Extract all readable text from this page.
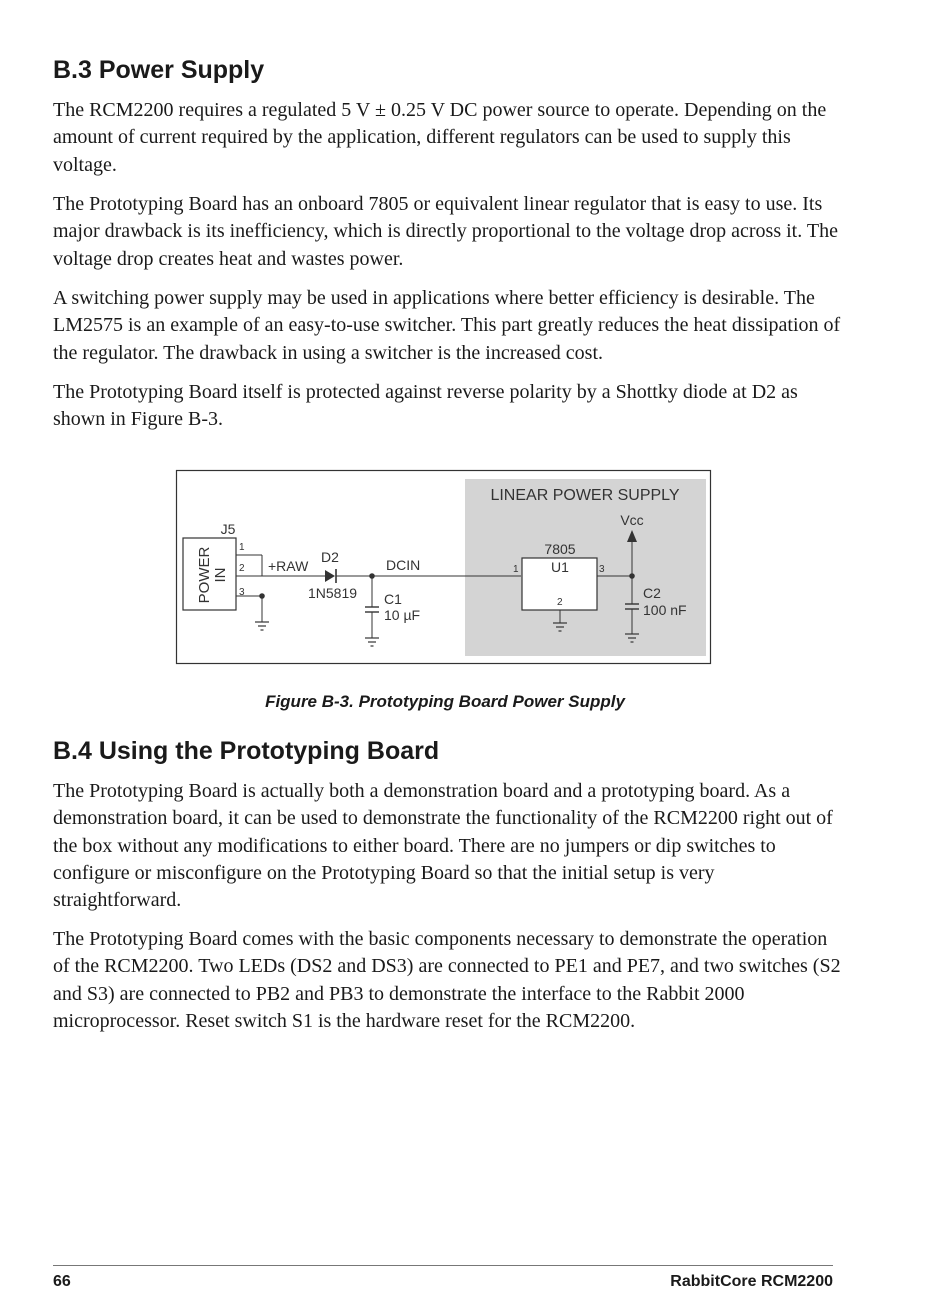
B.3 Power Supply

The RCM2200 requires a regulated 5 V ± 0.25 V DC power source to operate. Depending on the amount of current required by the application, different regulators can be used to supply this voltage.

The Prototyping Board has an onboard 7805 or equivalent linear regulator that is easy to use. Its major drawback is its inefficiency, which is directly proportional to the voltage drop across it. The voltage drop creates heat and wastes power.

A switching power supply may be used in applications where better efficiency is desirable. The LM2575 is an example of an easy-to-use switcher. This part greatly reduces the heat dissipation of the regulator. The drawback in using a switcher is the increased cost.

The Prototyping Board itself is protected against reverse polarity by a Shottky diode at D2 as shown in Figure B-3.

LINEAR POWER SUPPLY
J5
POWER IN
1
2
3
+RAW
D2
1N5819
DCIN
C1
10 µF
7805
U1
1
2
3
Vcc
C2
100 nF
Figure B-3. Prototyping Board Power Supply
B.4 Using the Prototyping Board

The Prototyping Board is actually both a demonstration board and a prototyping board. As a demonstration board, it can be used to demonstrate the functionality of the RCM2200 right out of the box without any modifications to either board. There are no jumpers or dip switches to configure or misconfigure on the Prototyping Board so that the initial setup is very straightforward.

The Prototyping Board comes with the basic components necessary to demonstrate the operation of the RCM2200. Two LEDs (DS2 and DS3) are connected to PE1 and PE7, and two switches (S2 and S3) are connected to PB2 and PB3 to demonstrate the interface to the Rabbit 2000 microprocessor. Reset switch S1 is the hardware reset for the RCM2200.

66	RabbitCore RCM2200
